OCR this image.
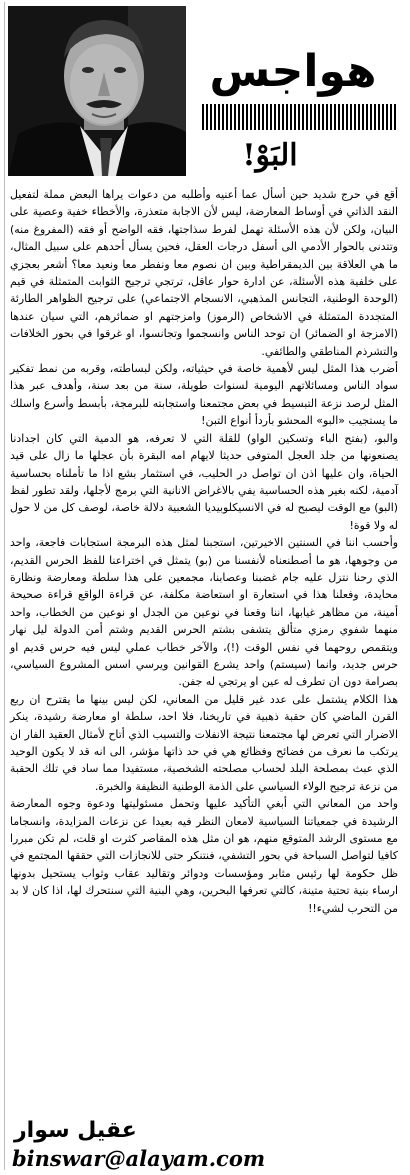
هواجس
البَوْ!

أقع في حرج شديد حين أسأل عما أعنيه وأطلبه من دعوات يراها البعض مملة لتفعيل النقد الذاتي في أوساط المعارضة، ليس لأن الاجابة متعذرة، والأخطاء خفية وعصية على البيان، ولكن لأن هذه الأسئلة تهمل لفرط سذاجتها، فقه الواضح أو فقه (المفروغ منه) وتتدنى بالحوار الأدمي الى أسفل درجات العقل، فحين يسأل أحدهم على سبيل المثال، ما هي العلاقة بين الديمقراطية وبين ان نصوم معا ونفطر معا ونعيد معا؟ أشعر بعجزي على خلفية هذه الأسئلة، عن ادارة حوار عاقل، ترتجي ترجيح الثوابت المتمثلة في قيم (الوحدة الوطنية، التجانس المذهبي، الانسجام الاجتماعي) على ترجيح الظواهر الطارئة المتجددة المتمثلة في الاشخاص (الرموز) وامزجتهم او ضمائرهم، التي سيان عندها (الامزجة او الضمائر) ان توحد الناس وانسجموا وتجانسوا، او غرقوا في بحور الخلافات والتشرذم المناطقي والطائفي.

أضرب هذا المثل ليس لأهمية خاصة في حيثياته، ولكن لبساطته، وقربه من نمط تفكير سواد الناس ومسائلاتهم اليومية لسنوات طويلة، سنة من بعد سنة، وأهدف عبر هذا المثل لرصد نزعة التبسيط في بعض مجتمعنا واستجابته للبرمجة، بأبسط وأسرع واسلك ما يستجيب «البو» المحشو بأردأ أنواع التبن!

والبو، (بفتح الباء وتسكين الواو) للقلة التي لا تعرفه، هو الدمية التي كان اجدادنا يصنعونها من جلد العجل المتوفى حديثا لايهام امه البقرة بأن عجلها ما زال على قيد الحياة، وان عليها اذن ان تواصل در الحليب، في استثمار بشع اذا ما تأملناه بحساسية آدمية، لكنه بغير هذه الحساسية يفي بالاغراض الانانية التي برمج لأجلها، ولقد تطور لفظ (البو) مع الوقت ليصبح له في الانسيكلوبيديا الشعبية دلالة خاصة، لوصف كل من لا حول له ولا قوة!

وأحسب اننا في السنتين الاخيرتين، استجبنا لمثل هذه البرمجة استجابات فاجعة، واحد من وجوهها، هو ما أصطنعناه لأنفسنا من (بو) يتمثل في اختراعنا للفظ الحرس القديم، الذي رحنا نتزل عليه جام غضبنا وعصابنا، مجمعين على هذا سلطة ومعارضة ونظارة محايدة، وفعلنا هذا في استعارة او استعاضة مكلفة، عن قراءة الواقع قراءة صحيحة أمينة، من مظاهر غيابها، اننا وقعنا في نوعين من الجدل او نوعين من الخطاب، واحد منهما شفوي رمزي متألق يتشفى بشتم الحرس القديم وشتم أمن الدولة ليل نهار ويتقمص روحهما في نفس الوقت (!)، والآخر خطاب عملي ليس فيه حرس قديم او حرس جديد، وانما (سيستم) واحد يشرع القوانين ويرسي اسس المشروع السياسي، بصرامة دون ان تطرف له عين او يرتجي له جفن.

هذا الكلام يشتمل على عدد غير قليل من المعاني، لكن ليس بينها ما يقترح ان ربع القرن الماضي كان حقبة ذهبية في تاريخنا، فلا احد، سلطة او معارضة رشيدة، ينكر الاضرار التي تعرض لها مجتمعنا نتيجة الانفلات والتسيب الذي أتاح لأمثال العقيد الفار ان يرتكب ما نعرف من فضائح وفظائع هي في حد ذاتها مؤشر، الى انه قد لا يكون الوحيد الذي عبث بمصلحة البلد لحساب مصلحته الشخصية، مستفيدا مما ساد في تلك الحقبة من نزعة ترجيح الولاء السياسي على الذمة الوطنية النظيفة والخبرة.

واحد من المعاني التي أبغي التأكيد عليها وتحمل مسئوليتها ودعوة وجوه المعارضة الرشيدة في جمعياتنا السياسية لامعان النظر فيه بعيدا عن نزعات المزايدة، وانسجاما مع مستوى الرشد المتوقع منهم، هو ان مثل هذه المقاصر كثرت او قلت، لم تكن مبررا كافيا لتواصل السباحة في بحور التشفي، فنتنكر حتى للانجازات التي حققها المجتمع في ظل حكومة لها رئيس مثابر ومؤسسات ودوائر وتقاليد عقاب وثواب يستحيل بدونها ارساء بنية تحتية متينة، كالتي تعرفها البحرين، وهي البنية التي سنتحرك لها، اذا كان لا بد من التحرب لشيء!!

عقيل سوار
binswar@alayam.com
